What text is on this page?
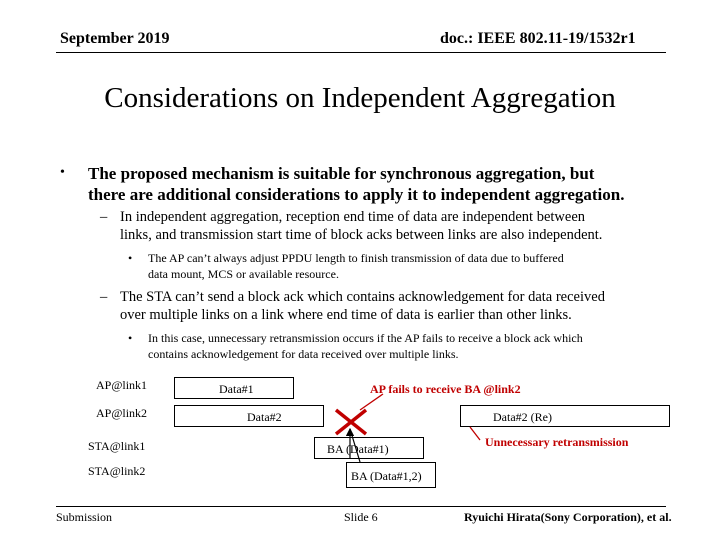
September 2019	doc.: IEEE 802.11-19/1532r1
Considerations on Independent Aggregation
• The proposed mechanism is suitable for synchronous aggregation, but
there are additional considerations to apply it to independent aggregation.
– In independent aggregation, reception end time of data are independent between
links, and transmission start time of block acks between links are also independent.
• The AP can’t always adjust PPDU length to finish transmission of data due to buffered
data mount, MCS or available resource.
– The STA can’t send a block ack which contains acknowledgement for data received
over multiple links on a link where end time of data is earlier than other links.
• In this case, unnecessary retransmission occurs if the AP fails to receive a block ack which
contains acknowledgement for data received over multiple links.
AP@link1
AP@link2
STA@link1
STA@link2
Data#1
Data#2	Data#2 (Re)
BA (Data#1)
BA (Data#1,2)
AP fails to receive BA @link2
Unnecessary retransmission
Submission	Slide 6	Ryuichi Hirata(Sony Corporation), et al.
